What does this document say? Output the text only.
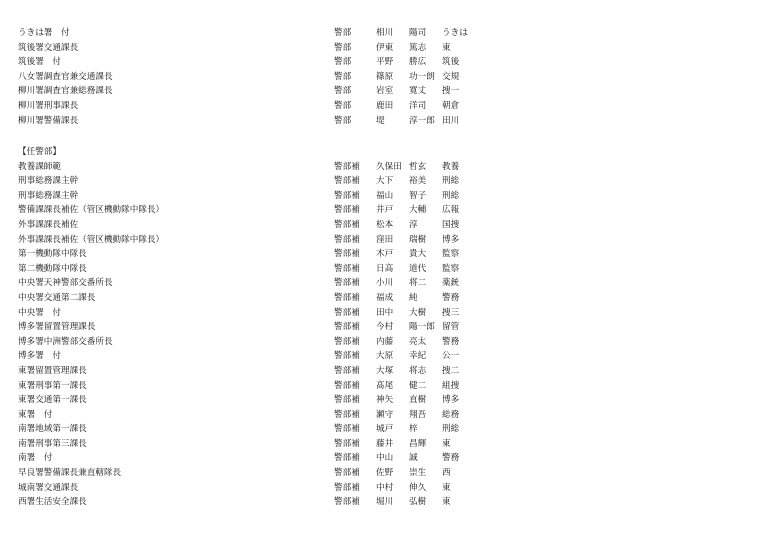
うきは署　付	警部	相川	陽司	うきは
筑後署交通課長	警部	伊東	篤志	東
筑後署　付	警部	平野	勝広	筑後
八女署調査官兼交通課長	警部	篠原	功一朗 交規
柳川署調査官兼総務課長	警部	岩室	寛丈	捜一
柳川署刑事課長	警部	鹿田	洋司	朝倉
柳川署警備課長	警部	堤	淳一郎 田川
【任警部】
教養課師範	警部補	久保田 哲玄	教養
刑事総務課主幹	警部補	大下	裕美	刑総
刑事総務課主幹	警部補	福山	智子	刑総
警備課課長補佐（管区機動隊中隊長）	警部補	井戸	大輔	広報
外事課課長補佐	警部補	松本	淳	国捜
外事課課長補佐（管区機動隊中隊長）	警部補	窪田	瑞樹	博多
第一機動隊中隊長	警部補	木戸	貴大	監察
第二機動隊中隊長	警部補	日高	道代	監察
中央署天神警部交番所長	警部補	小川	将二	薬銃
中央署交通第二課長	警部補	福成	純	警務
中央署　付	警部補	田中	大樹	捜三
博多署留置管理課長	警部補	今村	陽一郎 留管
博多署中洲警部交番所長	警部補	内藤	亮太	警務
博多署　付	警部補	大原	幸紀	公一
東署留置管理課長	警部補	大塚	将志	捜二
東署刑事第一課長	警部補	髙尾	健二	組捜
東署交通第一課長	警部補	神矢	直樹	博多
東署　付	警部補	瀬守	翔吾	総務
南署地域第一課長	警部補	城戸	梓	刑総
南署刑事第三課長	警部補	藤井	昌輝	東
南署　付	警部補	中山	誠	警務
早良署警備課長兼直轄隊長	警部補	佐野	崇生	西
城南署交通課長	警部補	中村	伸久	東
西署生活安全課長	警部補	堀川	弘樹	東
